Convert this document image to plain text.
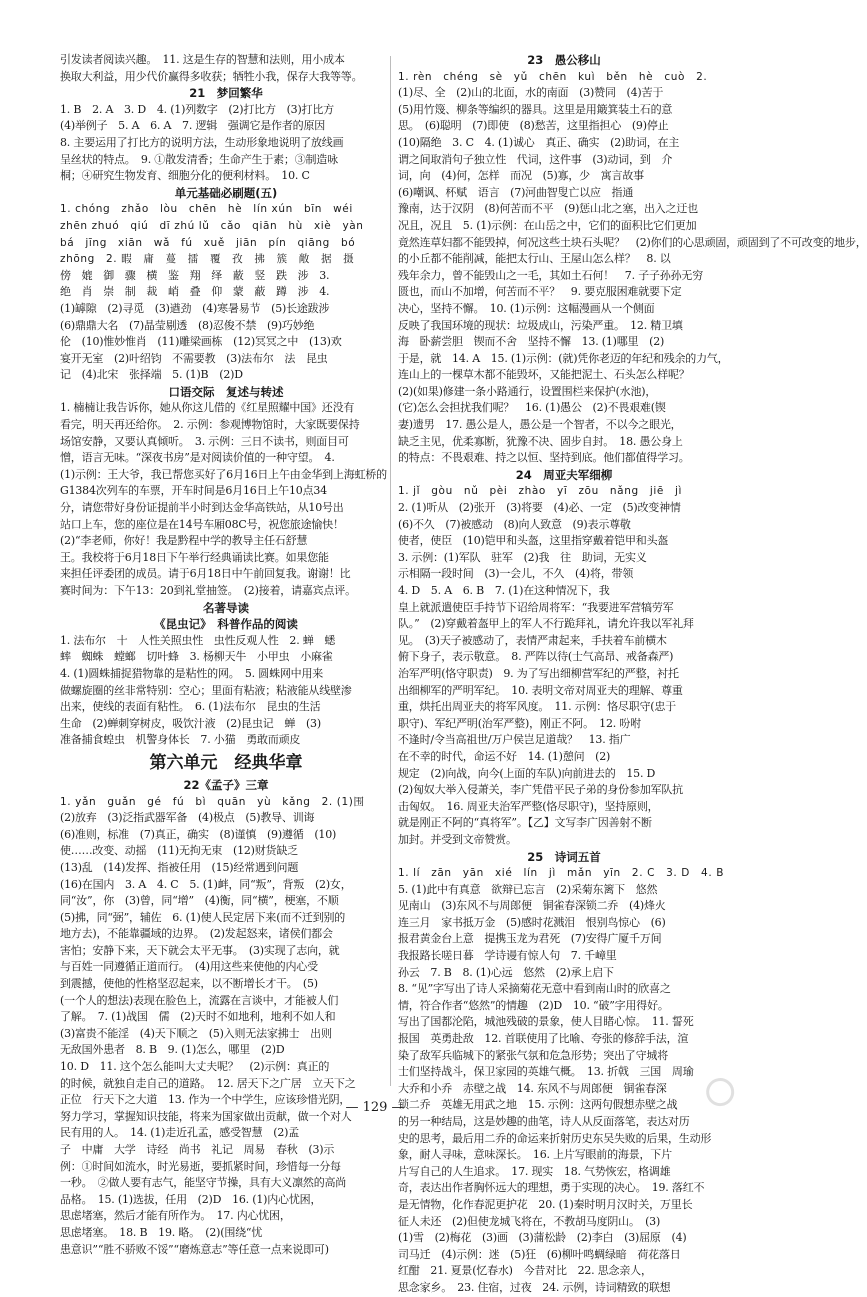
引发读者阅读兴趣。　11. 这是生存的智慧和法则，用小成本
换取大利益，用少代价赢得多收获；牺牲小我，保存大我等等。
21　梦回繁华
1. B　2. A　3. D　4. (1)列数字　(2)打比方　(3)打比方
(4)举例子　5. A　6. A　7. 逻辑　强调它是作者的原因
8. 主要运用了打比方的说明方法，生动形象地说明了放线画
呈丝状的特点。　9. ①散发清香；生命产生于素；③制造咏
桐；④研究生物发育、细胞分化的便利材料。　10. C
单元基础必刷题(五)
1. chóng　zhǎo　lòu　chēn　hè　lín xún　bīn　wéi
zhēn zhuó　qiú　dī zhú lǔ　cǎo　qiān　hù　xiè　yàn
bá　jīng　xiān　wǎ　fú　xuě　jiān　pín　qiāng　bó
zhōng　2. 暇　庸　蔓　擂　覆　孜　拂　簇　敞　据　摄
傍　媲　御　骤　横　鉴　翔　绎　蔽　竖　跌　涉　3.
绝　肖　崇　制　裁　峭　叠　仰　蒙　蔽　蹲　涉　4.
(1)罅隙　(2)寻觅　(3)遒劲　(4)寒暑易节　(5)长途跋涉
(6)鼎鼎大名　(7)晶莹剔透　(8)忍俊不禁　(9)巧妙绝
伦　(10)惟妙惟肖　(11)雕梁画栋　(12)冥冥之中　(13)欢
宴开无室　(2)叶绍钧　不需要教　(3)法布尔　法　昆虫
记　(4)北宋　张择端　5. (1)B　(2)D
口语交际　复述与转述
1. 楠楠让我告诉你，她从你这儿借的《红星照耀中国》还没有
看完，明天再还给你。　2. 示例：参观博物馆时，大家既要保持
场馆安静，又要认真倾听。　3. 示例：三日不读书，则面目可
憎，语言无味。“深夜书房”是对阅读价值的一种守望。　4.
(1)示例：王大爷，我已帮您买好了6月16日上午由金华到上海虹桥的
G1384次列车的车票，开车时间是6月16日上午10点34
分，请您带好身份证提前半小时到达金华高铁站，从10号出
站口上车，您的座位是在14号车厢08C号，祝您旅途愉快！
(2)“李老师，你好！我是黔程中学的教导主任石舒慧
王。我校将于6月18日下午举行经典诵读比赛。如果您能
来担任评委团的成员。请于6月18日中午前回复我。谢谢！比
赛时间为：下午13：20到礼堂抽签。　(2)接着，请嘉宾点评。
名著导读
《昆虫记》　科普作品的阅读
1. 法布尔　十　人性关照虫性　虫性反观人性　2. 蝉　蟋
蟀　蜘蛛　螳螂　切叶蜂　3. 杨柳天牛　小甲虫　小麻雀
4. (1)圆蛛捕捉猎物靠的是粘性的网。　5. 圆蛛网中用来
做螺旋圈的丝非常特别：空心；里面有粘液；粘液能从线壁渗
出来，使线的表面有粘性。　6. (1)法布尔　昆虫的生活
生命　(2)蝉刺穿树皮，吸饮汁液　(2)昆虫记　蝉　(3)
准备捕食蝗虫　机警身体长　7. 小猫　勇敢而顽皮
第六单元　经典华章
22《孟子》三章
1. yǎn　guǎn　gé　fú　bì　quān　yù　kǎng　2. (1)围
(2)放弃　(3)泛指武器军备　(4)极点　(5)教导、训诲
(6)准则，标准　(7)真正，确实　(8)谨慎　(9)遵循　(10)
使……改变、动摇　(11)无拘无束　(12)财货缺乏
(13)乱　(14)发挥、指被任用　(15)经常遇到问题
(16)在国内　3. A　4. C　5. (1)衅，同“叛”，背叛　(2)女，
同“汝”，你　(3)曾，同“增”　(4)衡，同“横”，梗塞，不顺
(5)拂，同“弼”，辅佐　6. (1)使人民定居下来(而不迁到别的
地方去)，不能靠疆域的边界。　(2)发起怒来，诸侯们都会
害怕；安静下来，天下就会太平无事。　(3)实现了志向，就
与百姓一同遵循正道而行。　(4)用这些来使他的内心受
到震撼，使他的性格坚忍起来，以不断增长才干。　(5)
(一个人的想法)表现在脸色上，流露在言谈中，才能被人们
了解。　7. (1)战国　儒　(2)天时不如地利，地利不如人和
(3)富贵不能淫　(4)天下顺之　(5)入则无法家拂士　出则
无敌国外患者　8. B　9. (1)怎么，哪里　(2)D
10. D　11. 这个怎么能叫大丈夫呢？　(2)示例：真正的
的时候，就独自走自己的道路。　12. 居天下之广居　立天下之
正位　行天下之大道　13. 作为一个中学生，应该珍惜光阴，
努力学习，掌握知识技能，将来为国家做出贡献，做一个对人
民有用的人。　14. (1)走近孔孟，感受智慧　(2)孟
子　中庸　大学　诗经　尚书　礼记　周易　春秋　(3)示
例：①时间如流水，时光易逝，要抓紧时间，珍惜每一分每
一秒。　②做人要有志气，能坚守节操，具有大义凛然的高尚
品格。　15. (1)选拔，任用　(2)D　16. (1)内心忧困，
思虑堵塞，然后才能有所作为。　17. 内心忧困，
思虑堵塞。　18. B　19. 略。　(2)(围绕“忧
患意识”“胜不骄败不馁”“磨炼意志”等任意一点来说即可)
23　愚公移山
1. rèn　chéng　sè　yǔ　chēn　kuì　běn　hè　cuò　2.
(1)尽、全　(2)山的北面，水的南面　(3)赞同　(4)苦于
(5)用竹篾、柳条等编织的器具。这里是用簸箕装土石的意
思。　(6)聪明　(7)即使　(8)愁苦，这里指担心　(9)停止
(10)隔绝　3. C　4. (1)诚心　真正、确实　(2)助词，在主
谓之间取消句子独立性　代词，这件事　(3)动词，到　介
词，向　(4)何，怎样　而况　(5)寡，少　寓言故事
(6)嘲讽、杯赋　语言　(7)河曲智叟亡以应　指通
豫南，达于汉阴　(8)何苦而不平　(9)惩山北之塞，出入之迂也
况且，况且　5. (1)示例：在山岳之中，它们的面积比它们更加
竟然连草妇都不能毁掉，何况这些土块石头呢？　(2)你们的心思顽固，顽固到了不可改变的地步，
的小丘都不能削减，能把太行山、王屋山怎么样？　8. 以
残年余力，曾不能毁山之一毛，其如土石何！　7. 子子孙孙无穷
匮也，而山不加增，何苦而不平？　9. 要克服困难就要下定
决心，坚持不懈。　10. (1)示例：这幅漫画从一个侧面
反映了我国环境的现状：垃圾成山，污染严重。　12. 精卫填
海　卧薪尝胆　锲而不舍　坚持不懈　13. (1)哪里　(2)
于是，就　14. A　15. (1)示例：(就)凭你老迈的年纪和残余的力气，
连山上的一棵草木都不能毁坏，又能把泥土、石头怎么样呢？
(2)(如果)修建一条小路通行，设置围栏来保护(水池)，
(它)怎么会担扰我们呢？　16. (1)愚公　(2)不畏艰难(锲
妻)遗男　17. 愚公是人，愚公是一个智者，不以今之眼光，
缺乏主见，优柔寡断，犹豫不决、固步自封。　18. 愚公身上
的特点：不畏艰难、持之以恒、坚持到底。他们都值得学习。
24　周亚夫军细柳
1. jǐ　gòu　nǔ　pèi　zhào　yī　zōu　nǎng　jiē　jì
2. (1)听从　(2)张开　(3)将要　(4)必、一定　(5)改变神情
(6)不久　(7)被感动　(8)向人致意　(9)表示尊敬
使者，使臣　(10)铠甲和头盔，这里指穿戴着铠甲和头盔
3. 示例：(1)军队　驻军　(2)我　往　助词，无实义
示相隔一段时间　(3)一会儿，不久　(4)将，带领
4. D　5. A　6. B　7. (1)在这种情况下，我
皇上就派遣使臣手持节下诏给周将军：“我要进军营犒劳军
队。”　(2)穿戴着盔甲上的军人不行跪拜礼，请允许我以军礼拜
见。　(3)天子被感动了，表情严肃起来，手扶着车前横木
俯下身子，表示敬意。　8. 严阵以待(士气高昂、戒备森严)
治军严明(恪守职责)　9. 为了写出细柳营军纪的严整，衬托
出细柳军的严明军纪。　10. 表明文帝对周亚夫的理解、尊重
重，烘托出周亚夫的将军风度。　11. 示例：恪尽职守(忠于
职守)、军纪严明(治军严整)，刚正不阿。　12. 吩咐
不逢时/令当高祖世/万户侯岂足道哉？　13. 指广
在不幸的时代，命运不好　14. (1)憩问　(2)
规定　(2)向战，向今(上面的车队)向前进去的　15. D
(2)匈奴大举入侵萧关，李广凭借平民子弟的身份参加军队抗
击匈奴。　16. 周亚夫治军严整(恪尽职守)，坚持原则，
就是刚正不阿的“真将军”。【乙】文写李广因善射不断
加封。并受到文帝赞赏。
25　诗词五首
1. lí　zān　yān　xié　lín　jì　mǎn　yīn　2. C　3. D　4. B
5. (1)此中有真意　欲辩已忘言　(2)采菊东篱下　悠然
见南山　(3)东风不与周郎便　铜雀春深锁二乔　(4)烽火
连三月　家书抵万金　(5)感时花溅泪　恨别鸟惊心　(6)
报君黄金台上意　提携玉龙为君死　(7)安得广厦千万间
我报路长嗟日暮　学诗谩有惊人句　7. 千嶂里
孙云　7. B　8. (1)心远　悠然　(2)承上启下
8. “见”字写出了诗人采摘菊花无意中看到南山时的欣喜之
情，符合作者“悠然”的情趣　(2)D　10. “破”字用得好。
写出了国都沦陷，城池残破的景象，使人目睹心惊。　11. 誓死
报国　英勇赴敌　12. 首联使用了比喻、夸张的修辞手法，渲
染了敌军兵临城下的紧张气氛和危急形势；突出了守城将
士们坚持战斗，保卫家园的英雄气概。　13. 折戟　三国　周瑜
大乔和小乔　赤壁之战　14. 东风不与周郎便　铜雀春深
锁二乔　英雄无用武之地　15. 示例：这两句假想赤壁之战
的另一种结局，这是妙趣的曲笔，诗人从反面落笔，表达对历
史的思考，最后用二乔的命运来折射历史东吴失败的后果，生动形
象，耐人寻味，意味深长。　16. 上片写眼前的海景，下片
片写自己的人生追求。　17. 现实　18. 气势恢宏，格调雄
奇，表达出作者胸怀远大的理想，勇于实现的决心。　19. 落红不
是无情物，化作春泥更护花　20. (1)秦时明月汉时关，万里长
征人未还　(2)但使龙城飞将在，不教胡马度阴山。　(3)
(1)雪　(2)梅花　(3)画　(3)蒲松龄　(2)李白　(3)屈原　(4)
司马迁　(4)示例：迷　(5)狂　(6)柳叶鸣蜩绿暗　荷花落日
红酣　21. 夏景(忆春水)　今昔对比　22. 思念亲人，
思念家乡。　23. 住宿，过夜　24. 示例，诗词精致的联想
— 129 —
